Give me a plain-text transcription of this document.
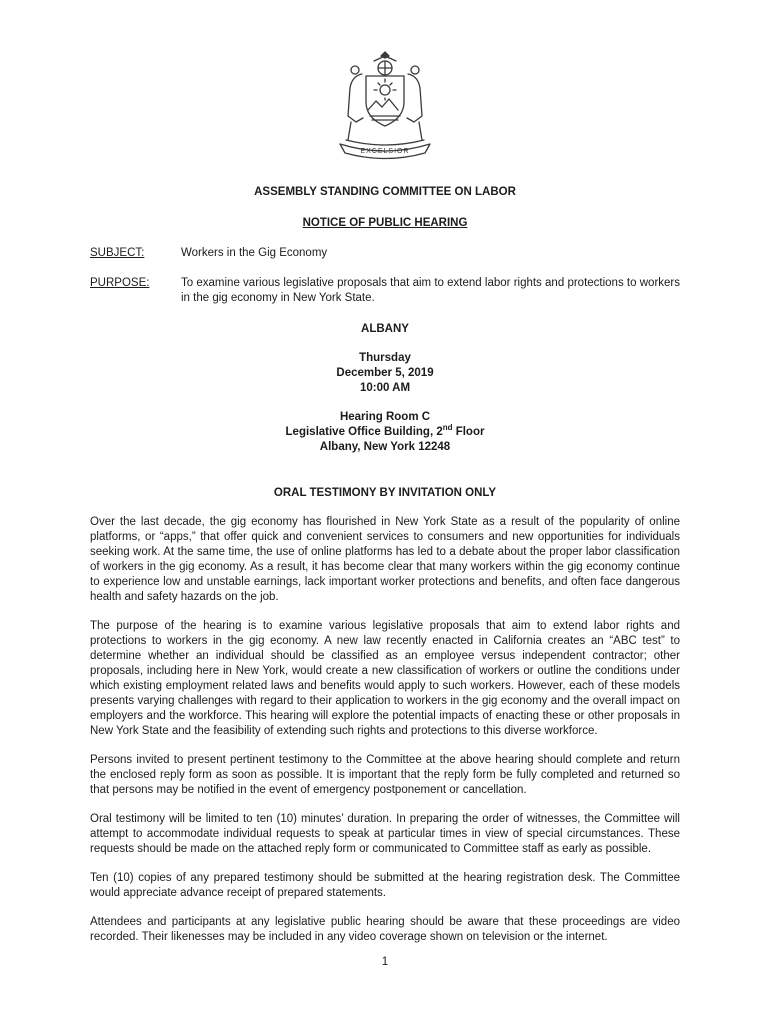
EXCELSIOR
ASSEMBLY STANDING COMMITTEE ON LABOR
NOTICE OF PUBLIC HEARING
SUBJECT:	Workers in the Gig Economy
PURPOSE:	To examine various legislative proposals that aim to extend labor rights and protections to workers in the gig economy in New York State.
ALBANY
Thursday
December 5, 2019
10:00 AM
Hearing Room C
Legislative Office Building, 2nd Floor
Albany, New York 12248
ORAL TESTIMONY BY INVITATION ONLY

Over the last decade, the gig economy has flourished in New York State as a result of the popularity of online platforms, or “apps,” that offer quick and convenient services to consumers and new opportunities for individuals seeking work. At the same time, the use of online platforms has led to a debate about the proper labor classification of workers in the gig economy. As a result, it has become clear that many workers within the gig economy continue to experience low and unstable earnings, lack important worker protections and benefits, and often face dangerous health and safety hazards on the job.

The purpose of the hearing is to examine various legislative proposals that aim to extend labor rights and protections to workers in the gig economy. A new law recently enacted in California creates an “ABC test” to determine whether an individual should be classified as an employee versus independent contractor; other proposals, including here in New York, would create a new classification of workers or outline the conditions under which existing employment related laws and benefits would apply to such workers. However, each of these models presents varying challenges with regard to their application to workers in the gig economy and the overall impact on employers and the workforce. This hearing will explore the potential impacts of enacting these or other proposals in New York State and the feasibility of extending such rights and protections to this diverse workforce.

Persons invited to present pertinent testimony to the Committee at the above hearing should complete and return the enclosed reply form as soon as possible. It is important that the reply form be fully completed and returned so that persons may be notified in the event of emergency postponement or cancellation.

Oral testimony will be limited to ten (10) minutes’ duration. In preparing the order of witnesses, the Committee will attempt to accommodate individual requests to speak at particular times in view of special circumstances. These requests should be made on the attached reply form or communicated to Committee staff as early as possible.

Ten (10) copies of any prepared testimony should be submitted at the hearing registration desk. The Committee would appreciate advance receipt of prepared statements.

Attendees and participants at any legislative public hearing should be aware that these proceedings are video recorded. Their likenesses may be included in any video coverage shown on television or the internet.

1
